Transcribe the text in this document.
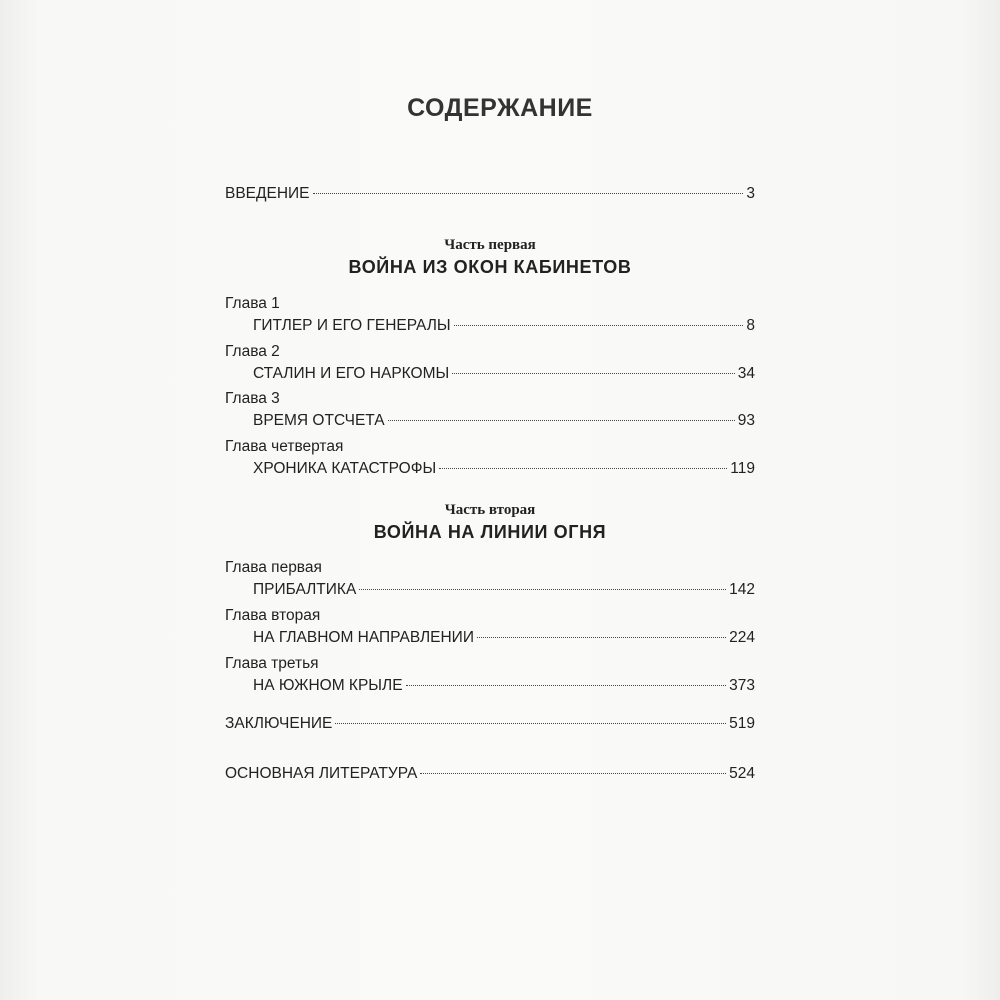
СОДЕРЖАНИЕ
ВВЕДЕНИЕ	3
Часть первая
ВОЙНА ИЗ ОКОН КАБИНЕТОВ
Глава 1
ГИТЛЕР И ЕГО ГЕНЕРАЛЫ	8
Глава 2
СТАЛИН И ЕГО НАРКОМЫ	34
Глава 3
ВРЕМЯ ОТСЧЕТА	93
Глава четвертая
ХРОНИКА КАТАСТРОФЫ	119
Часть вторая
ВОЙНА НА ЛИНИИ ОГНЯ
Глава первая
ПРИБАЛТИКА	142
Глава вторая
НА ГЛАВНОМ НАПРАВЛЕНИИ	224
Глава третья
НА ЮЖНОМ КРЫЛЕ	373
ЗАКЛЮЧЕНИЕ	519
ОСНОВНАЯ ЛИТЕРАТУРА	524
